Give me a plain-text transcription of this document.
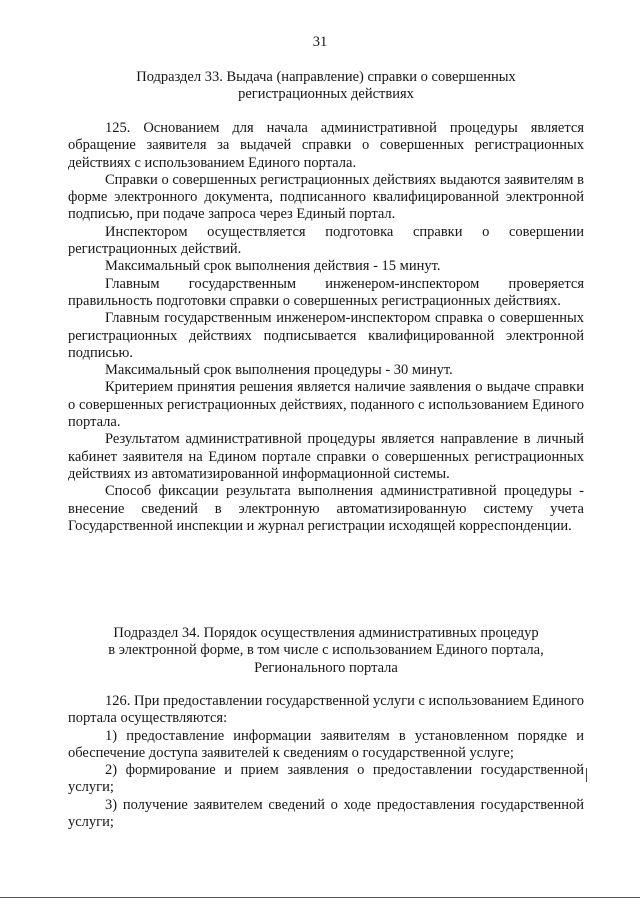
31
Подраздел 33. Выдача (направление) справки о совершенных
регистрационных действиях

125. Основанием для начала административной процедуры является обращение заявителя за выдачей справки о совершенных регистрационных действиях с использованием Единого портала.

Справки о совершенных регистрационных действиях выдаются заявителям в форме электронного документа, подписанного квалифицированной электронной подписью, при подаче запроса через Единый портал.

Инспектором осуществляется подготовка справки о совершении регистрационных действий.

Максимальный срок выполнения действия - 15 минут.

Главным государственным инженером-инспектором проверяется правильность подготовки справки о совершенных регистрационных действиях.

Главным государственным инженером-инспектором справка о совершенных регистрационных действиях подписывается квалифицированной электронной подписью.

Максимальный срок выполнения процедуры - 30 минут.

Критерием принятия решения является наличие заявления о выдаче справки о совершенных регистрационных действиях, поданного с использованием Единого портала.

Результатом административной процедуры является направление в личный кабинет заявителя на Едином портале справки о совершенных регистрационных действиях из автоматизированной информационной системы.

Способ фиксации результата выполнения административной процедуры - внесение сведений в электронную автоматизированную систему учета Государственной инспекции и журнал регистрации исходящей корреспонденции.

Подраздел 34. Порядок осуществления административных процедур
в электронной форме, в том числе с использованием Единого портала,
Регионального портала

126. При предоставлении государственной услуги с использованием Единого портала осуществляются:

1) предоставление информации заявителям в установленном порядке и обеспечение доступа заявителей к сведениям о государственной услуге;

2) формирование и прием заявления о предоставлении государственной услуги;

3) получение заявителем сведений о ходе предоставления государственной услуги;
